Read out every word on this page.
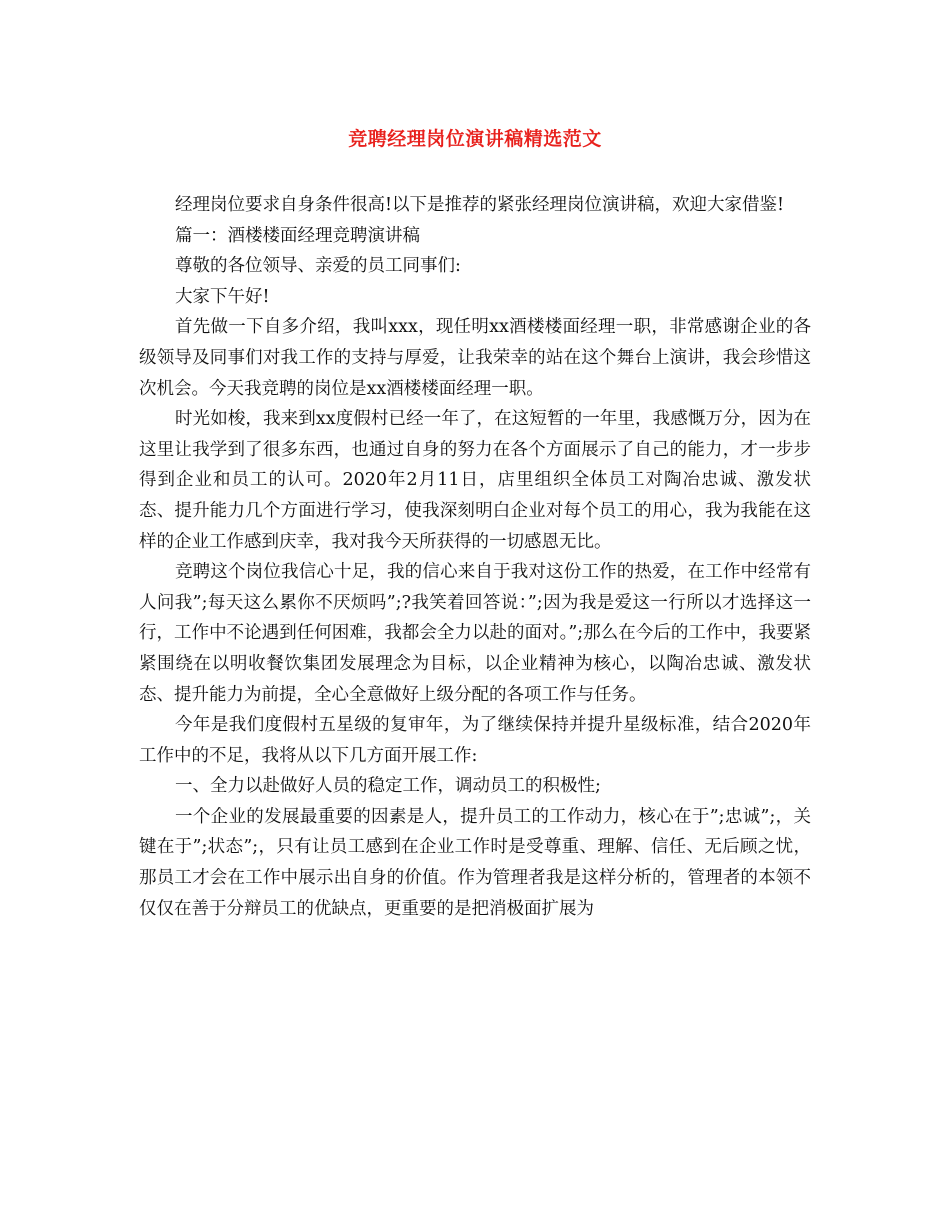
竞聘经理岗位演讲稿精选范文

经理岗位要求自身条件很高!以下是推荐的紧张经理岗位演讲稿，欢迎大家借鉴!

篇一：酒楼楼面经理竞聘演讲稿

尊敬的各位领导、亲爱的员工同事们:

大家下午好!

首先做一下自多介绍，我叫xxx，现任明xx酒楼楼面经理一职，非常感谢企业的各级领导及同事们对我工作的支持与厚爱，让我荣幸的站在这个舞台上演讲，我会珍惜这次机会。今天我竞聘的岗位是xx酒楼楼面经理一职。

时光如梭，我来到xx度假村已经一年了，在这短暂的一年里，我感慨万分，因为在这里让我学到了很多东西，也通过自身的努力在各个方面展示了自己的能力，才一步步得到企业和员工的认可。2020年2月11日，店里组织全体员工对陶冶忠诚、激发状态、提升能力几个方面进行学习，使我深刻明白企业对每个员工的用心，我为我能在这样的企业工作感到庆幸，我对我今天所获得的一切感恩无比。

竞聘这个岗位我信心十足，我的信心来自于我对这份工作的热爱，在工作中经常有人问我”;每天这么累你不厌烦吗”;?我笑着回答说：”;因为我是爱这一行所以才选择这一行，工作中不论遇到任何困难，我都会全力以赴的面对。”;那么在今后的工作中，我要紧紧围绕在以明收餐饮集团发展理念为目标，以企业精神为核心，以陶冶忠诚、激发状态、提升能力为前提，全心全意做好上级分配的各项工作与任务。

今年是我们度假村五星级的复审年，为了继续保持并提升星级标准，结合2020年工作中的不足，我将从以下几方面开展工作:

一、全力以赴做好人员的稳定工作，调动员工的积极性;

一个企业的发展最重要的因素是人，提升员工的工作动力，核心在于”;忠诚”;，关键在于”;状态”;，只有让员工感到在企业工作时是受尊重、理解、信任、无后顾之忧，那员工才会在工作中展示出自身的价值。作为管理者我是这样分析的，管理者的本领不仅仅在善于分辩员工的优缺点，更重要的是把消极面扩展为
